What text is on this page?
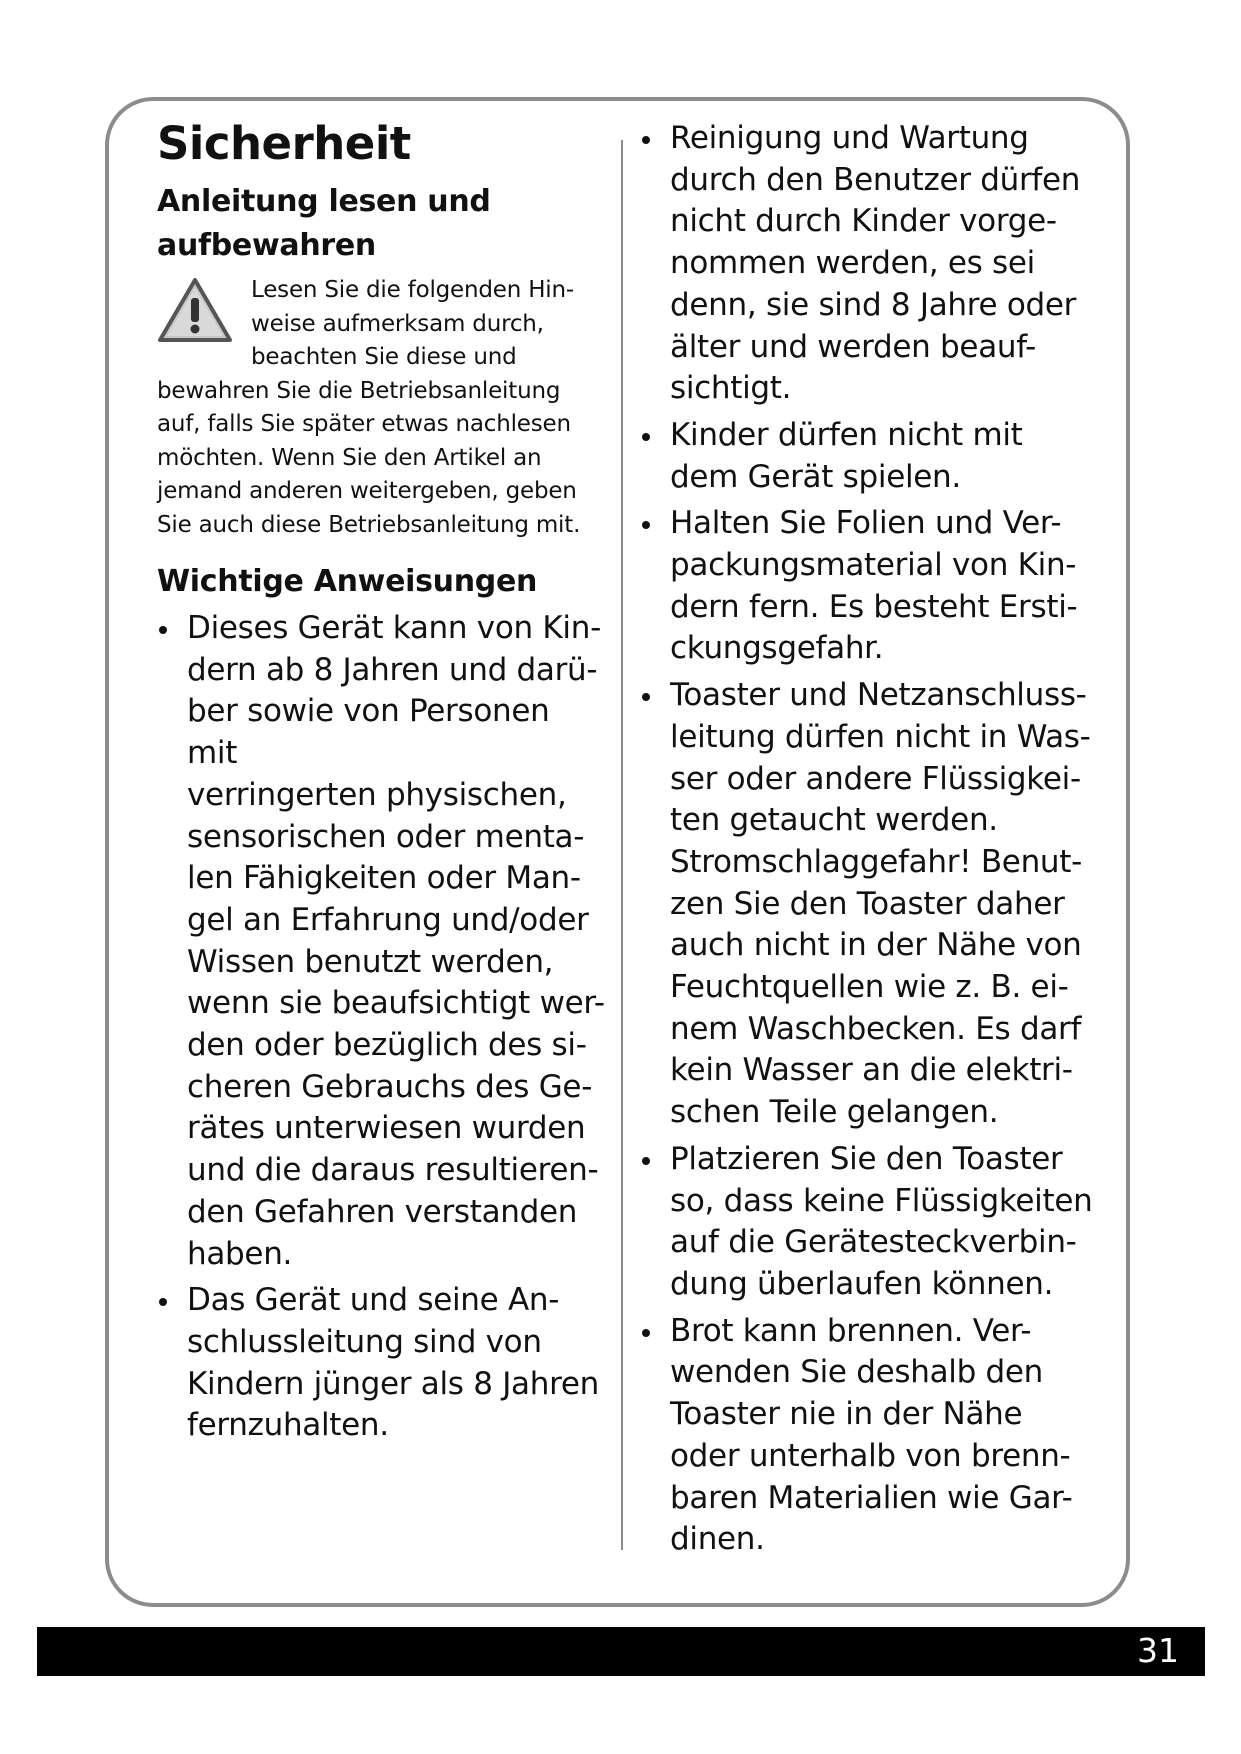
Sicherheit
Anleitung lesen und
aufbewahren
Lesen Sie die folgenden Hin-
weise aufmerksam durch,
beachten Sie diese und
bewahren Sie die Betriebsanleitung
auf, falls Sie später etwas nachlesen
möchten. Wenn Sie den Artikel an
jemand anderen weitergeben, geben
Sie auch diese Betriebsanleitung mit.
Wichtige Anweisungen
Dieses Gerät kann von Kin-
dern ab 8 Jahren und darü-
ber sowie von Personen mit
verringerten physischen,
sensorischen oder menta-
len Fähigkeiten oder Man-
gel an Erfahrung und/oder
Wissen benutzt werden,
wenn sie beaufsichtigt wer-
den oder bezüglich des si-
cheren Gebrauchs des Ge-
rätes unterwiesen wurden
und die daraus resultieren-
den Gefahren verstanden
haben.
Das Gerät und seine An-
schlussleitung sind von
Kindern jünger als 8 Jahren
fernzuhalten.
Reinigung und Wartung
durch den Benutzer dürfen
nicht durch Kinder vorge-
nommen werden, es sei
denn, sie sind 8 Jahre oder
älter und werden beauf-
sichtigt.
Kinder dürfen nicht mit
dem Gerät spielen.
Halten Sie Folien und Ver-
packungsmaterial von Kin-
dern fern. Es besteht Ersti-
ckungsgefahr.
Toaster und Netzanschluss-
leitung dürfen nicht in Was-
ser oder andere Flüssigkei-
ten getaucht werden.
Stromschlaggefahr! Benut-
zen Sie den Toaster daher
auch nicht in der Nähe von
Feuchtquellen wie z. B. ei-
nem Waschbecken. Es darf
kein Wasser an die elektri-
schen Teile gelangen.
Platzieren Sie den Toaster
so, dass keine Flüssigkeiten
auf die Gerätesteckverbin-
dung überlaufen können.
Brot kann brennen. Ver-
wenden Sie deshalb den
Toaster nie in der Nähe
oder unterhalb von brenn-
baren Materialien wie Gar-
dinen.
31
